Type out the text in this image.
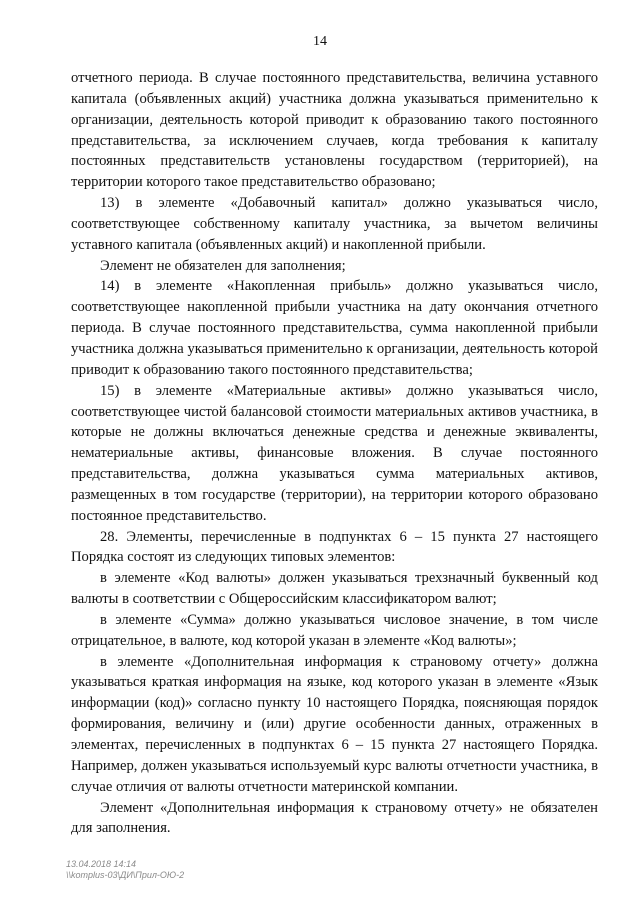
14

отчетного периода. В случае постоянного представительства, величина уставного капитала (объявленных акций) участника должна указываться применительно к организации, деятельность которой приводит к образованию такого постоянного представительства, за исключением случаев, когда требования к капиталу постоянных представительств установлены государством (территорией), на территории которого такое представительство образовано;

13) в элементе «Добавочный капитал» должно указываться число, соответствующее собственному капиталу участника, за вычетом величины уставного капитала (объявленных акций) и накопленной прибыли.

Элемент не обязателен для заполнения;

14) в элементе «Накопленная прибыль» должно указываться число, соответствующее накопленной прибыли участника на дату окончания отчетного периода. В случае постоянного представительства, сумма накопленной прибыли участника должна указываться применительно к организации, деятельность которой приводит к образованию такого постоянного представительства;

15) в элементе «Материальные активы» должно указываться число, соответствующее чистой балансовой стоимости материальных активов участника, в которые не должны включаться денежные средства и денежные эквиваленты, нематериальные активы, финансовые вложения. В случае постоянного представительства, должна указываться сумма материальных активов, размещенных в том государстве (территории), на территории которого образовано постоянное представительство.

28. Элементы, перечисленные в подпунктах 6 – 15 пункта 27 настоящего Порядка состоят из следующих типовых элементов:

в элементе «Код валюты» должен указываться трехзначный буквенный код валюты в соответствии с Общероссийским классификатором валют;

в элементе «Сумма» должно указываться числовое значение, в том числе отрицательное, в валюте, код которой указан в элементе «Код валюты»;

в элементе «Дополнительная информация к страновому отчету» должна указываться краткая информация на языке, код которого указан в элементе «Язык информации (код)» согласно пункту 10 настоящего Порядка, поясняющая порядок формирования, величину и (или) другие особенности данных, отраженных в элементах, перечисленных в подпунктах 6 – 15 пункта 27 настоящего Порядка. Например, должен указываться используемый курс валюты отчетности участника, в случае отличия от валюты отчетности материнской компании.

Элемент «Дополнительная информация к страновому отчету» не обязателен для заполнения.

13.04.2018 14:14
\\komplus-03\ДИ\Прил-ОЮ-2
